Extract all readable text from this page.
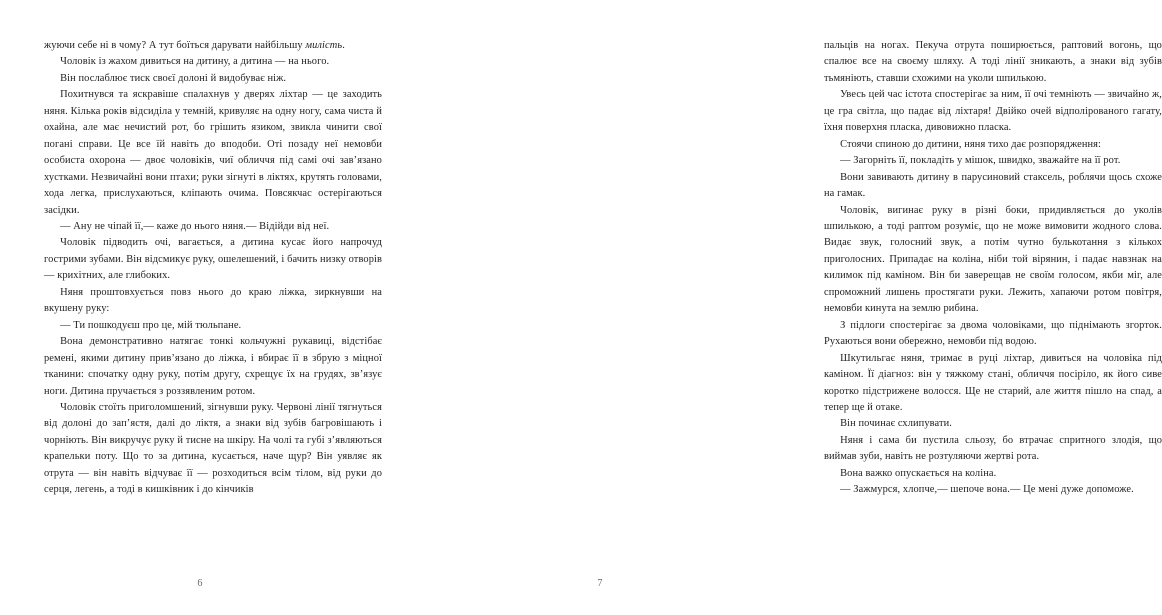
жуючи себе ні в чому? А тут боїться дарувати найбільшу милість.

Чоловік із жахом дивиться на дитину, а дитина — на нього.

Він послаблює тиск своєї долоні й видобуває ніж.

Похитнувся та яскравіше спалахнув у дверях ліхтар — це заходить няня. Кілька років відсиділа у темній, кривуляє на одну ногу, сама чиста й охайна, але має нечистий рот, бо грішить язиком, звикла чинити свої погані справи. Це все їй навіть до вподоби. Оті позаду неї немовби особиста охорона — двоє чоловіків, чиї обличчя під самі очі зав’язано хустками. Незвичайні вони птахи; руки зігнуті в ліктях, крутять головами, хода легка, прислухаються, кліпають очима. Повсякчас остерігаються засідки.

— Ану не чіпай її,— каже до нього няня.— Відійди від неї.

Чоловік підводить очі, вагається, а дитина кусає його напрочуд гострими зубами. Він відсмикує руку, ошелешений, і бачить низку отворів — крихітних, але глибоких.

Няня проштовхується повз нього до краю ліжка, зиркнувши на вкушену руку:

— Ти пошкодуєш про це, мій тюльпане.

Вона демонстративно натягає тонкі кольчужні рукавиці, відстібає ремені, якими дитину прив’язано до ліжка, і вбирає її в збрую з міцної тканини: спочатку одну руку, потім другу, схрещує їх на грудях, зв’язує ноги. Дитина пручається з роззявленим ротом.

Чоловік стоїть приголомшений, зігнувши руку. Червоні лінії тягнуться від долоні до зап’ястя, далі до ліктя, а знаки від зубів багровішають і чорніють. Він викручує руку й тисне на шкіру. На чолі та губі з’являються крапельки поту. Що то за дитина, кусається, наче щур? Він уявляє як отрута — він навіть відчуває її — розходиться всім тілом, від руки до серця, легень, а тоді в кишківник і до кінчиків

6

пальців на ногах. Пекуча отрута поширюється, раптовий вогонь, що спалює все на своєму шляху. А тоді лінії зникають, а знаки від зубів тьмяніють, ставши схожими на уколи шпилькою.

Увесь цей час істота спостерігає за ним, її очі темніють — звичайно ж, це гра світла, що падає від ліхтаря! Двійко очей відполірованого гагату, їхня поверхня пласка, дивовижно пласка.

Стоячи спиною до дитини, няня тихо дає розпорядження:

— Загорніть її, покладіть у мішок, швидко, зважайте на її рот.

Вони завивають дитину в парусиновий стаксель, роблячи щось схоже на гамак.

Чоловік, вигинає руку в різні боки, придивляється до уколів шпилькою, а тоді раптом розуміє, що не може вимовити жодного слова. Видає звук, голосний звук, а потім чутно булькотання з кількох приголосних. Припадає на коліна, ніби той вірянин, і падає навзнак на килимок під каміном. Він би заверещав не своїм голосом, якби міг, але спроможний лишень простягати руки. Лежить, хапаючи ротом повітря, немовби кинута на землю рибина.

З підлоги спостерігає за двома чоловіками, що піднімають згорток. Рухаються вони обережно, немовби під водою.

Шкутильгає няня, тримає в руці ліхтар, дивиться на чоловіка під каміном. Її діагноз: він у тяжкому стані, обличчя посіріло, як його сиве коротко підстрижене волосся. Ще не старий, але життя пішло на спад, а тепер ще й отаке.

Він починає схлипувати.

Няня і сама би пустила сльозу, бо втрачає спритного злодія, що виймав зуби, навіть не розтуляючи жертві рота.

Вона важко опускається на коліна.

— Зажмурся, хлопче,— шепоче вона.— Це мені дуже допоможе.

7
